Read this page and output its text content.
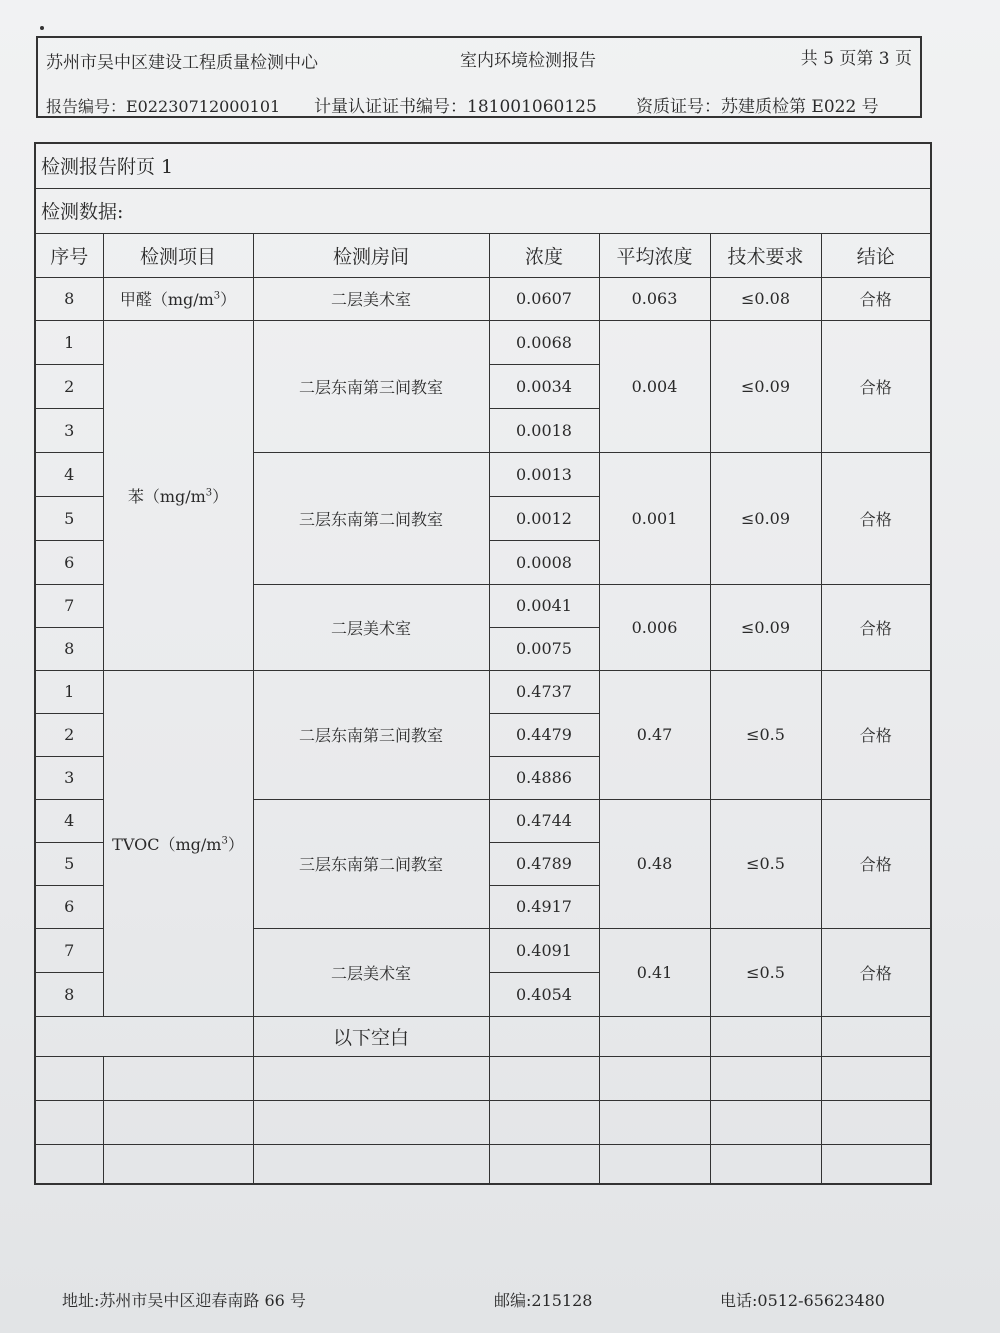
苏州市吴中区建设工程质量检测中心	室内环境检测报告	共 5 页第 3 页
报告编号：E02230712000101 计量认证证书编号：181001060125 资质证号：苏建质检第 E022 号
检测报告附页 1						
检测数据:						
序号	检测项目	检测房间	浓度	平均浓度	技术要求	结论
8	甲醛$(mg/m^3)$	二层美术室	0.0607	0.063	≤0.08	合格
1	苯$(mg/m^3)$	二层东南第三间教室	0.0068	0.004	≤0.09	合格
2			0.0034			
3			0.0018			
4		三层东南第二间教室	0.0013	0.001	≤0.09	合格
5			0.0012			
6			0.0008			
7		二层美术室	0.0041	0.006	≤0.09	合格
8			0.0075			
1	$TVOC(mg/m^3)$	二层东南第三间教室	0.4737	0.47	≤0.5	合格
2			0.4479			
3			0.4886			
4		三层东南第二间教室	0.4744	0.48	≤0.5	合格
5			0.4789			
6			0.4917			
7		二层美术室	0.4091	0.41	≤0.5	合格
8			0.4054			
		以下空白				

地址:苏州市吴中区迎春南路 66 号	邮编:215128	电话:0512-65623480
